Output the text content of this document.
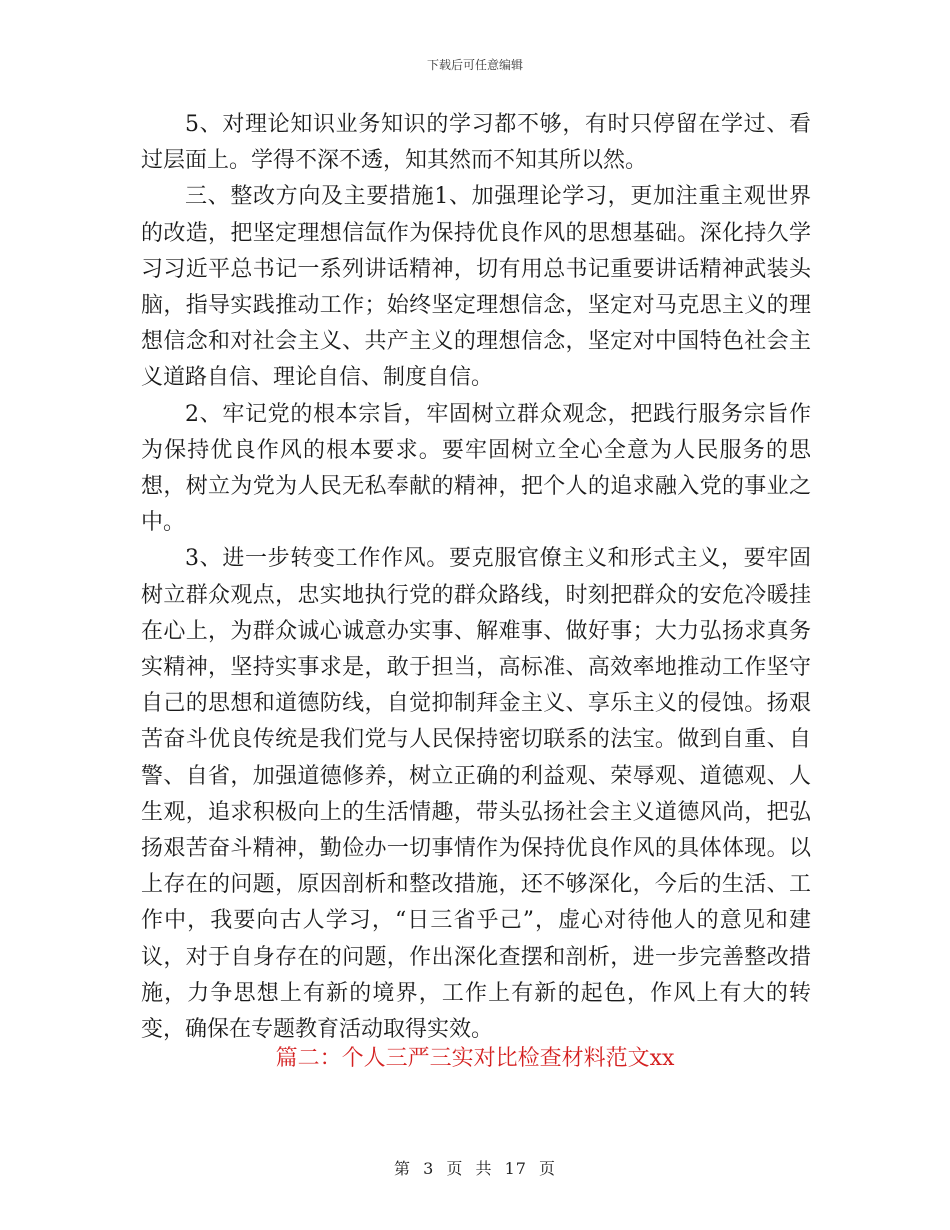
下载后可任意编辑

5、对理论知识业务知识的学习都不够，有时只停留在学过、看过层面上。学得不深不透，知其然而不知其所以然。

三、整改方向及主要措施1、加强理论学习，更加注重主观世界的改造，把坚定理想信氙作为保持优良作风的思想基础。深化持久学习习近平总书记一系列讲话精神，切有用总书记重要讲话精神武装头脑，指导实践推动工作；始终坚定理想信念，坚定对马克思主义的理想信念和对社会主义、共产主义的理想信念，坚定对中国特色社会主义道路自信、理论自信、制度自信。

2、牢记党的根本宗旨，牢固树立群众观念，把践行服务宗旨作为保持优良作风的根本要求。要牢固树立全心全意为人民服务的思想，树立为党为人民无私奉献的精神，把个人的追求融入党的事业之中。

3、进一步转变工作作风。要克服官僚主义和形式主义，要牢固树立群众观点，忠实地执行党的群众路线，时刻把群众的安危冷暖挂在心上，为群众诚心诚意办实事、解难事、做好事；大力弘扬求真务实精神，坚持实事求是，敢于担当，高标准、高效率地推动工作坚守自己的思想和道德防线，自觉抑制拜金主义、享乐主义的侵蚀。扬艰苦奋斗优良传统是我们党与人民保持密切联系的法宝。做到自重、自警、自省，加强道德修养，树立正确的利益观、荣辱观、道德观、人生观，追求积极向上的生活情趣，带头弘扬社会主义道德风尚，把弘扬艰苦奋斗精神，勤俭办一切事情作为保持优良作风的具体体现。以上存在的问题，原因剖析和整改措施，还不够深化，今后的生活、工作中，我要向古人学习，“日三省乎己”，虚心对待他人的意见和建议，对于自身存在的问题，作出深化查摆和剖析，进一步完善整改措施，力争思想上有新的境界，工作上有新的起色，作风上有大的转变，确保在专题教育活动取得实效。

篇二：个人三严三实对比检查材料范文xx
第 3 页 共 17 页
